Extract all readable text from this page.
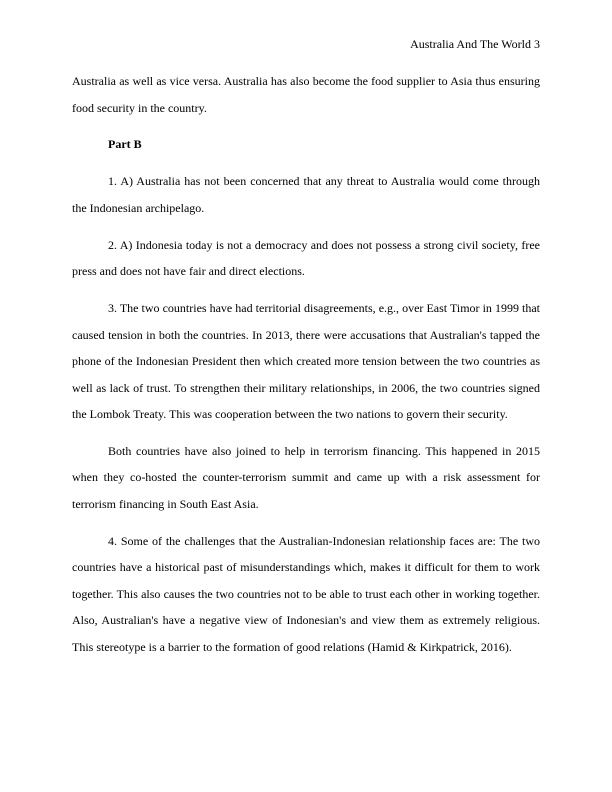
Australia And The World 3

Australia as well as vice versa. Australia has also become the food supplier to Asia thus ensuring food security in the country.

Part B

1. A) Australia has not been concerned that any threat to Australia would come through the Indonesian archipelago.

2. A) Indonesia today is not a democracy and does not possess a strong civil society, free press and does not have fair and direct elections.

3. The two countries have had territorial disagreements, e.g., over East Timor in 1999 that caused tension in both the countries. In 2013, there were accusations that Australian's tapped the phone of the Indonesian President then which created more tension between the two countries as well as lack of trust. To strengthen their military relationships, in 2006, the two countries signed the Lombok Treaty. This was cooperation between the two nations to govern their security.

Both countries have also joined to help in terrorism financing. This happened in 2015 when they co-hosted the counter-terrorism summit and came up with a risk assessment for terrorism financing in South East Asia.

4. Some of the challenges that the Australian-Indonesian relationship faces are: The two countries have a historical past of misunderstandings which, makes it difficult for them to work together. This also causes the two countries not to be able to trust each other in working together. Also, Australian's have a negative view of Indonesian's and view them as extremely religious. This stereotype is a barrier to the formation of good relations (Hamid & Kirkpatrick, 2016).
